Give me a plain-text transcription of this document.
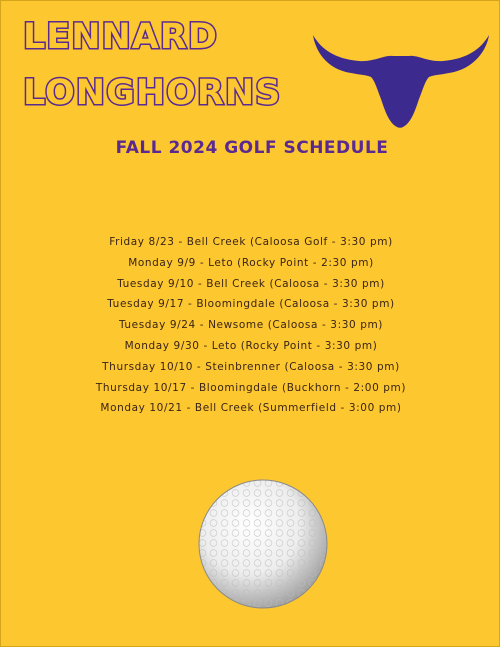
LENNARD
LONGHORNS
FALL 2024 GOLF SCHEDULE
Friday 8/23 - Bell Creek (Caloosa Golf - 3:30 pm)
Monday 9/9 - Leto (Rocky Point - 2:30 pm)
Tuesday 9/10 - Bell Creek (Caloosa - 3:30 pm)
Tuesday 9/17 - Bloomingdale (Caloosa - 3:30 pm)
Tuesday 9/24 - Newsome (Caloosa - 3:30 pm)
Monday 9/30 - Leto (Rocky Point - 3:30 pm)
Thursday 10/10 - Steinbrenner (Caloosa - 3:30 pm)
Thursday 10/17 - Bloomingdale (Buckhorn - 2:00 pm)
Monday 10/21 - Bell Creek (Summerfield - 3:00 pm)
